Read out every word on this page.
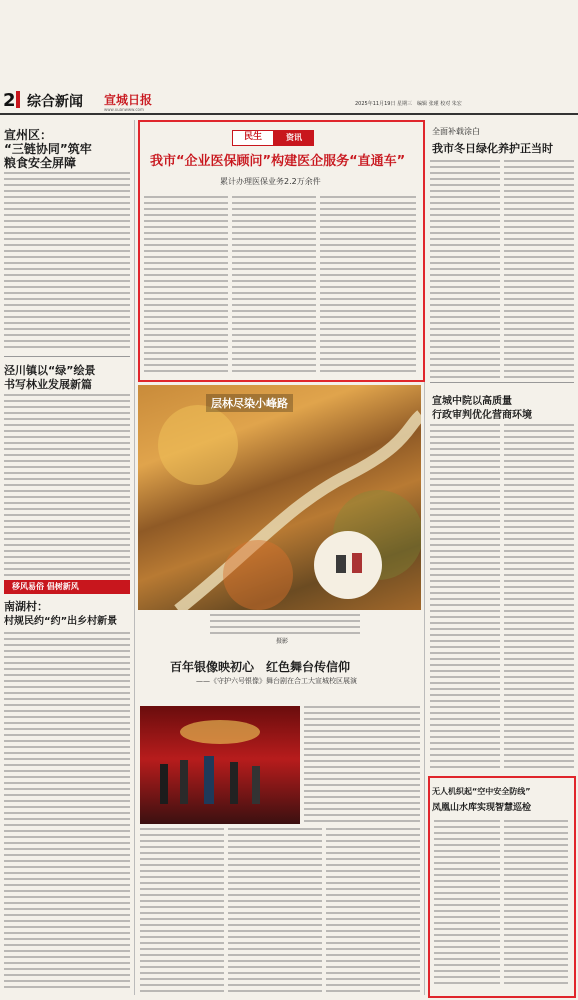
2 综合新闻 宣城日报
www.xuanwww.com
2025年11月19日 星期三　编辑 张瑾 校对 朱宏
宣州区：
“三链协同”筑牢
粮食安全屏障
泾川镇以“绿”绘景
书写林业发展新篇
移风易俗 倡树新风
南湖村：
村规民约“约”出乡村新景
民生	资讯
我市“企业医保顾问”构建医企服务“直通车”
累计办理医保业务2.2万余件
层林尽染小峰路
摄影
百年银像映初心　红色舞台传信仰
——《守护六号银像》舞台剧在合工大宣城校区展演
全面补载涂白
我市冬日绿化养护正当时
宣城中院以高质量
行政审判优化营商环境
无人机织起“空中安全防线”
凤凰山水库实现智慧巡检
